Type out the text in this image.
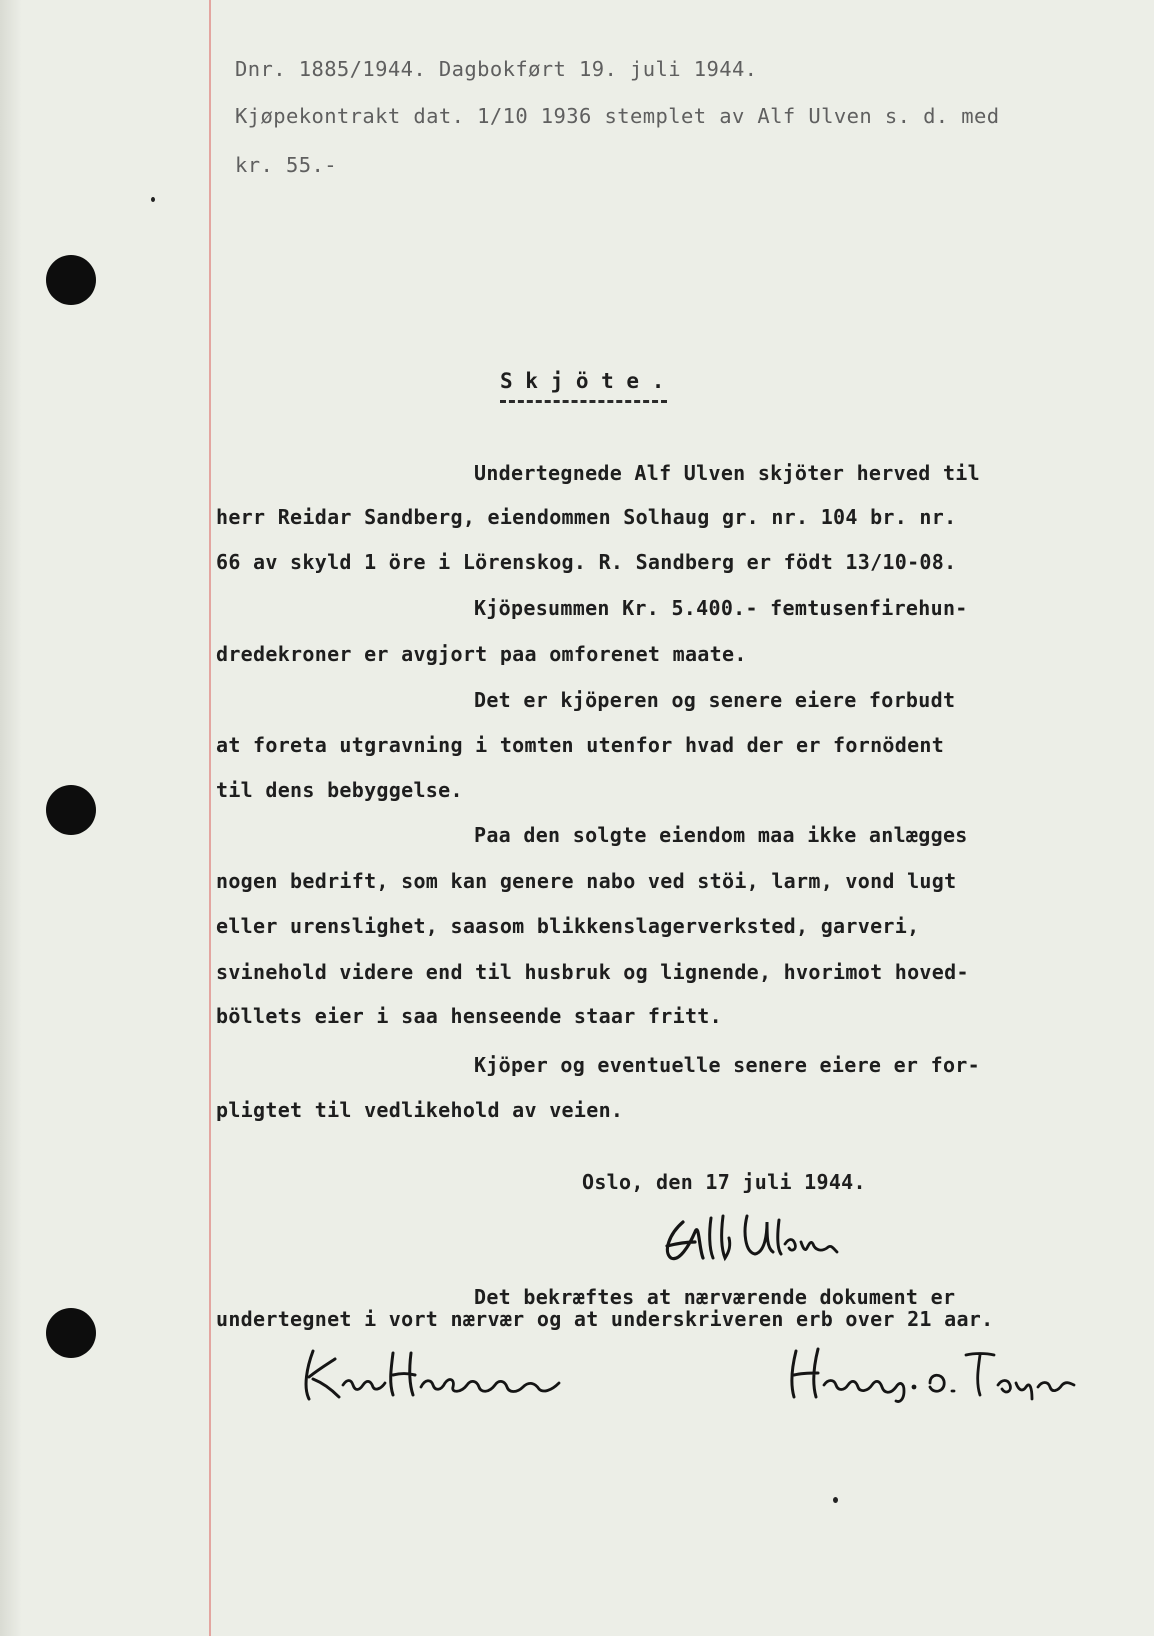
Dnr. 1885/1944. Dagbokført 19. juli 1944.
Kjøpekontrakt dat. 1/10 1936 stemplet av Alf Ulven s. d. med
kr. 55.-
S k j ö t e .
Undertegnede Alf Ulven skjöter herved til
herr Reidar Sandberg, eiendommen Solhaug gr. nr. 104 br. nr.
66 av skyld 1 öre i Lörenskog. R. Sandberg er födt 13/10-08.
Kjöpesummen Kr. 5.400.- femtusenfirehun-
dredekroner er avgjort paa omforenet maate.
Det er kjöperen og senere eiere forbudt
at foreta utgravning i tomten utenfor hvad der er fornödent
til dens bebyggelse.
Paa den solgte eiendom maa ikke anlægges
nogen bedrift, som kan genere nabo ved stöi, larm, vond lugt
eller urenslighet, saasom blikkenslagerverksted, garveri,
svinehold videre end til husbruk og lignende, hvorimot hoved-
böllets eier i saa henseende staar fritt.
Kjöper og eventuelle senere eiere er for-
pligtet til vedlikehold av veien.
Oslo, den 17 juli 1944.
Det bekræftes at nærværende dokument er
undertegnet i vort nærvær og at underskriveren erb over 21 aar.
